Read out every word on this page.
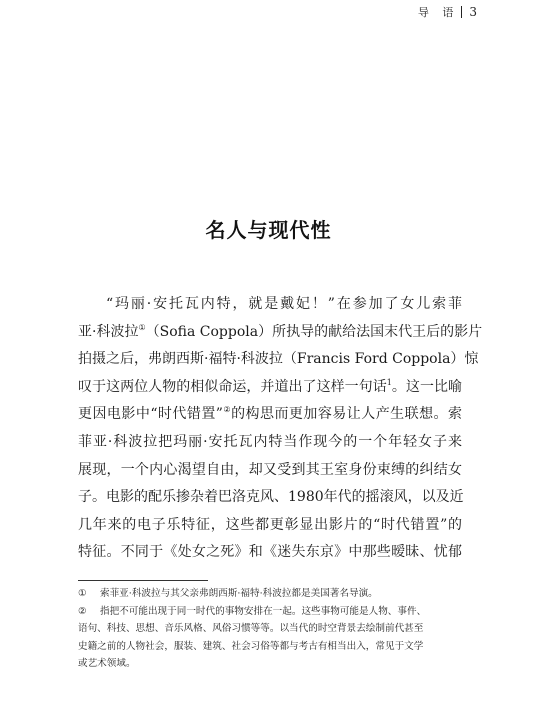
导 语 3
名人与现代性
“玛丽·安托瓦内特，就是戴妃！”在参加了女儿索菲
亚·科波拉①（Sofia Coppola）所执导的献给法国末代王后的影片
拍摄之后，弗朗西斯·福特·科波拉（Francis Ford Coppola）惊
叹于这两位人物的相似命运，并道出了这样一句话$^1$。这一比喻
更因电影中“时代错置”②的构思而更加容易让人产生联想。索
菲亚·科波拉把玛丽·安托瓦内特当作现今的一个年轻女子来
展现，一个内心渴望自由，却又受到其王室身份束缚的纠结女
子。电影的配乐掺杂着巴洛克风、1980年代的摇滚风，以及近
几年来的电子乐特征，这些都更彰显出影片的“时代错置”的
特征。不同于《处女之死》和《迷失东京》中那些暧昧、忧郁
① 索菲亚·科波拉与其父亲弗朗西斯·福特·科波拉都是美国著名导演。
② 指把不可能出现于同一时代的事物安排在一起。这些事物可能是人物、事件、
语句、科技、思想、音乐风格、风俗习惯等等。以当代的时空背景去绘制前代甚至
史籍之前的人物社会，服装、建筑、社会习俗等都与考古有相当出入，常见于文学
或艺术领域。
